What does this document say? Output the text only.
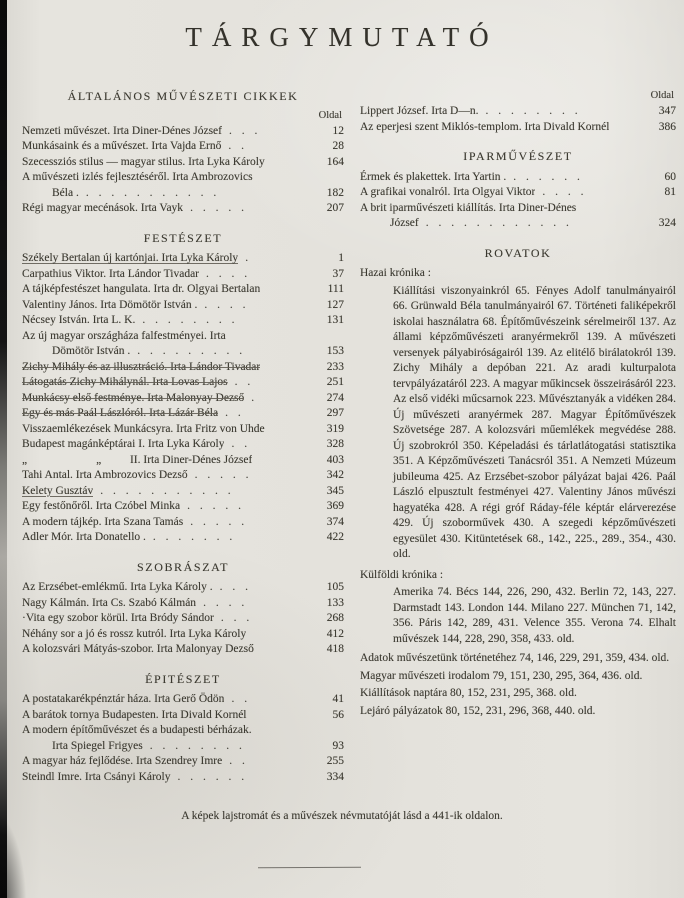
TÁRGYMUTATÓ
ÁLTALÁNOS MŰVÉSZETI CIKKEK
Oldal
Nemzeti művészet. Irta Diner-Dénes József . . .	12
Munkásaink és a művészet. Irta Vajda Ernő . .	28
Szecessziós stilus — magyar stilus. Irta Lyka Károly	164
A művészeti izlés fejlesztéséről. Irta Ambrozovics
Béla . . . . . . . . . . . .	182
Régi magyar mecénások. Irta Vayk . . . . .	207
FESTÉSZET
Székely Bertalan új kartónjai. Irta Lyka Károly .	1
Carpathius Viktor. Irta Lándor Tivadar . . . .	37
A tájképfestészet hangulata. Irta dr. Olgyai Bertalan	111
Valentiny János. Irta Dömötör István . . . . .	127
Nécsey István. Irta L. K. . . . . . . . .	131
Az új magyar országháza falfestményei. Irta
Dömötör István . . . . . . . . . .	153
Zichy Mihály és az illusztráció. Irta Lándor Tivadar	233
Látogatás Zichy Mihálynál. Irta Lovas Lajos . .	251
Munkácsy első festménye. Irta Malonyay Dezső .	274
Egy és más Paál Lászlóról. Irta Lázár Béla . .	297
Visszaemlékezések Munkácsyra. Irta Fritz von Uhde	319
Budapest magánképtárai I. Irta Lyka Károly . .	328
„            „     II. Irta Diner-Dénes József	403
Tahi Antal. Irta Ambrozovics Dezső . . . . .	342
Kelety Gusztáv . . . . . . . . . . .	345
Egy festőnőről. Irta Czóbel Minka . . . . .	369
A modern tájkép. Irta Szana Tamás . . . . .	374
Adler Mór. Irta Donatello . . . . . . . .	422
SZOBRÁSZAT
Az Erzsébet-emlékmű. Irta Lyka Károly . . . .	105
Nagy Kálmán. Irta Cs. Szabó Kálmán . . . .	133
·Vita egy szobor körül. Irta Bródy Sándor . . .	268
Néhány sor a jó és rossz kutról. Irta Lyka Károly	412
A kolozsvári Mátyás-szobor. Irta Malonyay Dezső	418
ÉPITÉSZET
A postatakarékpénztár háza. Irta Gerő Ödön . .	41
A barátok tornya Budapesten. Irta Divald Kornél	56
A modern építőművészet és a budapesti bérházak.
Irta Spiegel Frigyes . . . . . . . .	93
A magyar ház fejlődése. Irta Szendrey Imre . .	255
Steindl Imre. Irta Csányi Károly . . . . . .	334
Oldal
Lippert József. Irta D—n. . . . . . . . .	347
Az eperjesi szent Miklós-templom. Irta Divald Kornél	386
IPARMŰVÉSZET
Érmek és plakettek. Irta Yartin . . . . . . .	60
A grafikai vonalról. Irta Olgyai Viktor . . . .	81
A brit iparművészeti kiállítás. Irta Diner-Dénes
József . . . . . . . . . . . .	324
ROVATOK
Hazai krónika :
Kiállítási viszonyainkról 65. Fényes Adolf tanulmányairól 66. Grünwald Béla tanulmányairól 67. Történeti faliképekről iskolai használatra 68. Építőművészeink sérelmeiről 137. Az állami képzőművészeti aranyérmekről 139. A művészeti versenyek pályabiróságairól 139. Az elitélő birálatokról 139. Zichy Mihály a depóban 221. Az aradi kulturpalota tervpályázatáról 223. A magyar műkincsek összeirásáról 223. Az első vidéki műcsarnok 223. Művésztanyák a vidéken 284. Új művészeti aranyérmek 287. Magyar Építőművészek Szövetsége 287. A kolozsvári műemlékek megvédése 288. Új szobrokról 350. Képeladási és tárlatlátogatási statisztika 351. A Képzőművészeti Tanácsról 351. A Nemzeti Múzeum jubileuma 425. Az Erzsébet-szobor pályázat bajai 426. Paál László elpusztult festményei 427. Valentiny János művészi hagyatéka 428. A régi gróf Ráday-féle képtár elárverezése 429. Új szoborművek 430. A szegedi képzőművészeti egyesület 430. Kitüntetések 68., 142., 225., 289., 354., 430. old.
Külföldi krónika :
Amerika 74. Bécs 144, 226, 290, 432. Berlin 72, 143, 227. Darmstadt 143. London 144. Milano 227. München 71, 142, 356. Páris 142, 289, 431. Velence 355. Verona 74. Elhalt művészek 144, 228, 290, 358, 433. old.
Adatok művészetünk történetéhez 74, 146, 229, 291, 359, 434. old.
Magyar művészeti irodalom 79, 151, 230, 295, 364, 436. old.
Kiállítások naptára 80, 152, 231, 295, 368. old.
Lejáró pályázatok 80, 152, 231, 296, 368, 440. old.
A képek lajstromát és a művészek névmutatóját lásd a 441-ik oldalon.
